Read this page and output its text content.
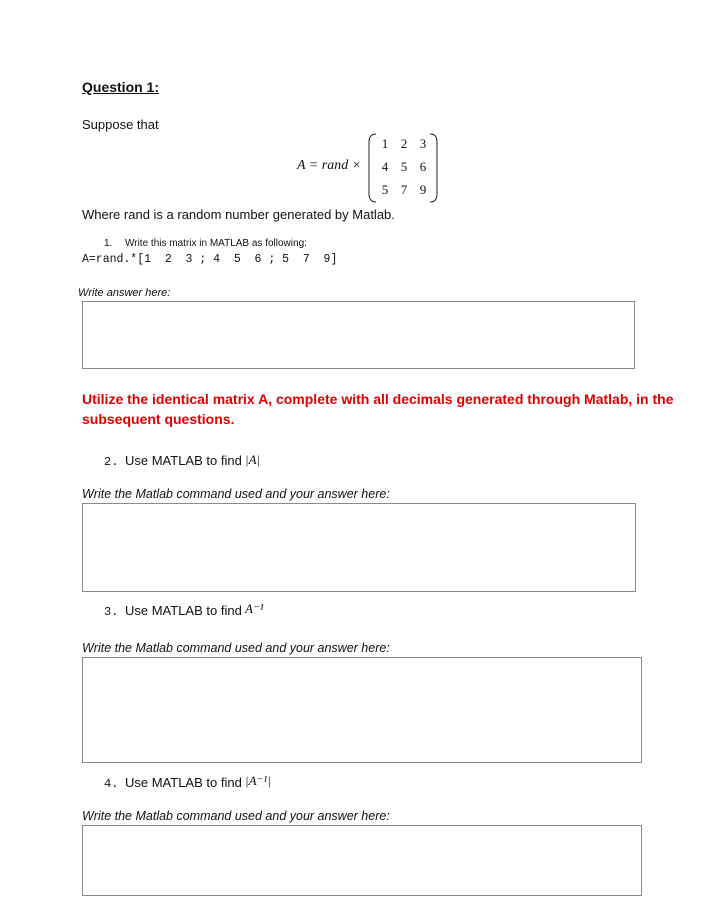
Question 1:
Suppose that
A = rand ×
1 2 3
4 5 6
5 7 9
Where rand is a random number generated by Matlab.
1. Write this matrix in MATLAB as following:
A=rand.*[1  2  3 ; 4  5  6 ; 5  7  9]
Write answer here:
Utilize the identical matrix A, complete with all decimals generated through Matlab, in the subsequent questions.
2. Use MATLAB to find |A|
Write the Matlab command used and your answer here:
3. Use MATLAB to find A⁻¹
Write the Matlab command used and your answer here:
4. Use MATLAB to find |A⁻¹|
Write the Matlab command used and your answer here:
